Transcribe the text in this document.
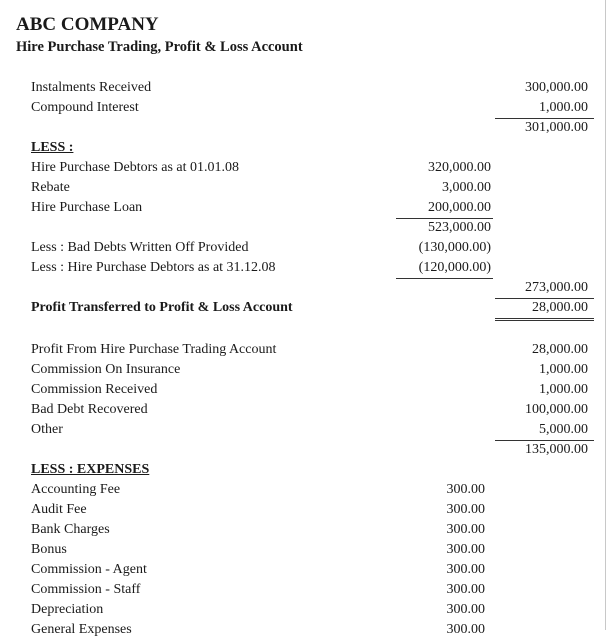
ABC COMPANY
Hire Purchase Trading, Profit & Loss Account
Instalments Received	300,000.00
Compound Interest	1,000.00
301,000.00
LESS :
Hire Purchase Debtors as at 01.01.08	320,000.00
Rebate	3,000.00
Hire Purchase Loan	200,000.00
523,000.00
Less : Bad Debts Written Off Provided	(130,000.00)
Less : Hire Purchase Debtors as at 31.12.08	(120,000.00)
273,000.00
Profit Transferred to Profit & Loss Account	28,000.00
Profit From Hire Purchase Trading Account	28,000.00
Commission On Insurance	1,000.00
Commission Received	1,000.00
Bad Debt Recovered	100,000.00
Other	5,000.00
135,000.00
LESS : EXPENSES
Accounting Fee	300.00
Audit Fee	300.00
Bank Charges	300.00
Bonus	300.00
Commission - Agent	300.00
Commission - Staff	300.00
Depreciation	300.00
General Expenses	300.00
